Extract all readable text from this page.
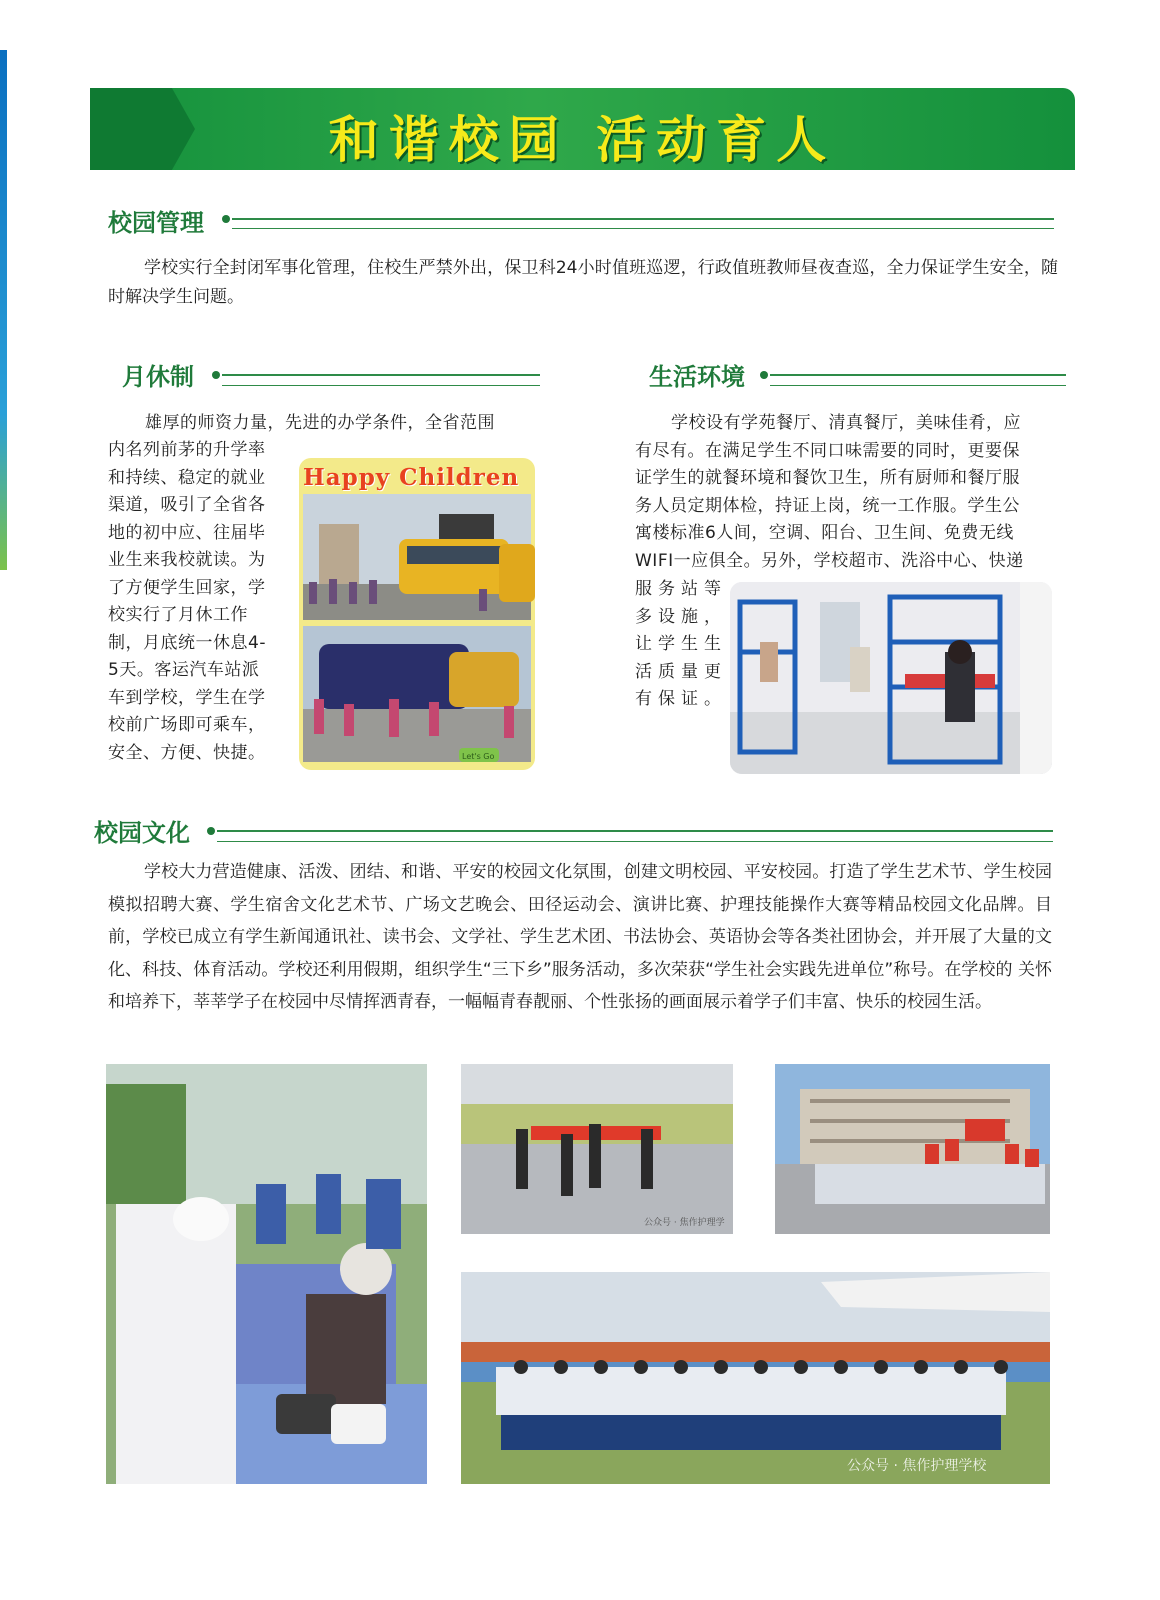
和谐校园 活动育人
校园管理
学校实行全封闭军事化管理，住校生严禁外出，保卫科24小时值班巡逻，行政值班教师昼夜查巡，全力保证学生安全，随时解决学生问题。
月休制
雄厚的师资力量，先进的办学条件，全省范围
内名列前茅的升学率
和持续、稳定的就业
渠道，吸引了全省各
地的初中应、往届毕
业生来我校就读。为
了方便学生回家，学
校实行了月休工作
制，月底统一休息4-
5天。客运汽车站派
车到学校，学生在学
校前广场即可乘车，
安全、方便、快捷。
Happy Children
Let's Go
生活环境
学校设有学苑餐厅、清真餐厅，美味佳肴，应
有尽有。在满足学生不同口味需要的同时，更要保
证学生的就餐环境和餐饮卫生，所有厨师和餐厅服
务人员定期体检，持证上岗，统一工作服。学生公
寓楼标准6人间，空调、阳台、卫生间、免费无线
WIFI一应俱全。另外，学校超市、洗浴中心、快递
服务站等
多设施，
让学生生
活质量更
有保证。
校园文化
学校大力营造健康、活泼、团结、和谐、平安的校园文化氛围，创建文明校园、平安校园。打造了学生艺术节、学生校园 模拟招聘大赛、学生宿舍文化艺术节、广场文艺晚会、田径运动会、演讲比赛、护理技能操作大赛等精品校园文化品牌。目前，学校已成立有学生新闻通讯社、读书会、文学社、学生艺术团、书法协会、英语协会等各类社团协会，并开展了大量的文化、科技、体育活动。学校还利用假期，组织学生“三下乡”服务活动，多次荣获“学生社会实践先进单位”称号。在学校的 关怀和培养下，莘莘学子在校园中尽情挥洒青春，一幅幅青春靓丽、个性张扬的画面展示着学子们丰富、快乐的校园生活。
公众号 · 焦作护理学
公众号 · 焦作护理学校
